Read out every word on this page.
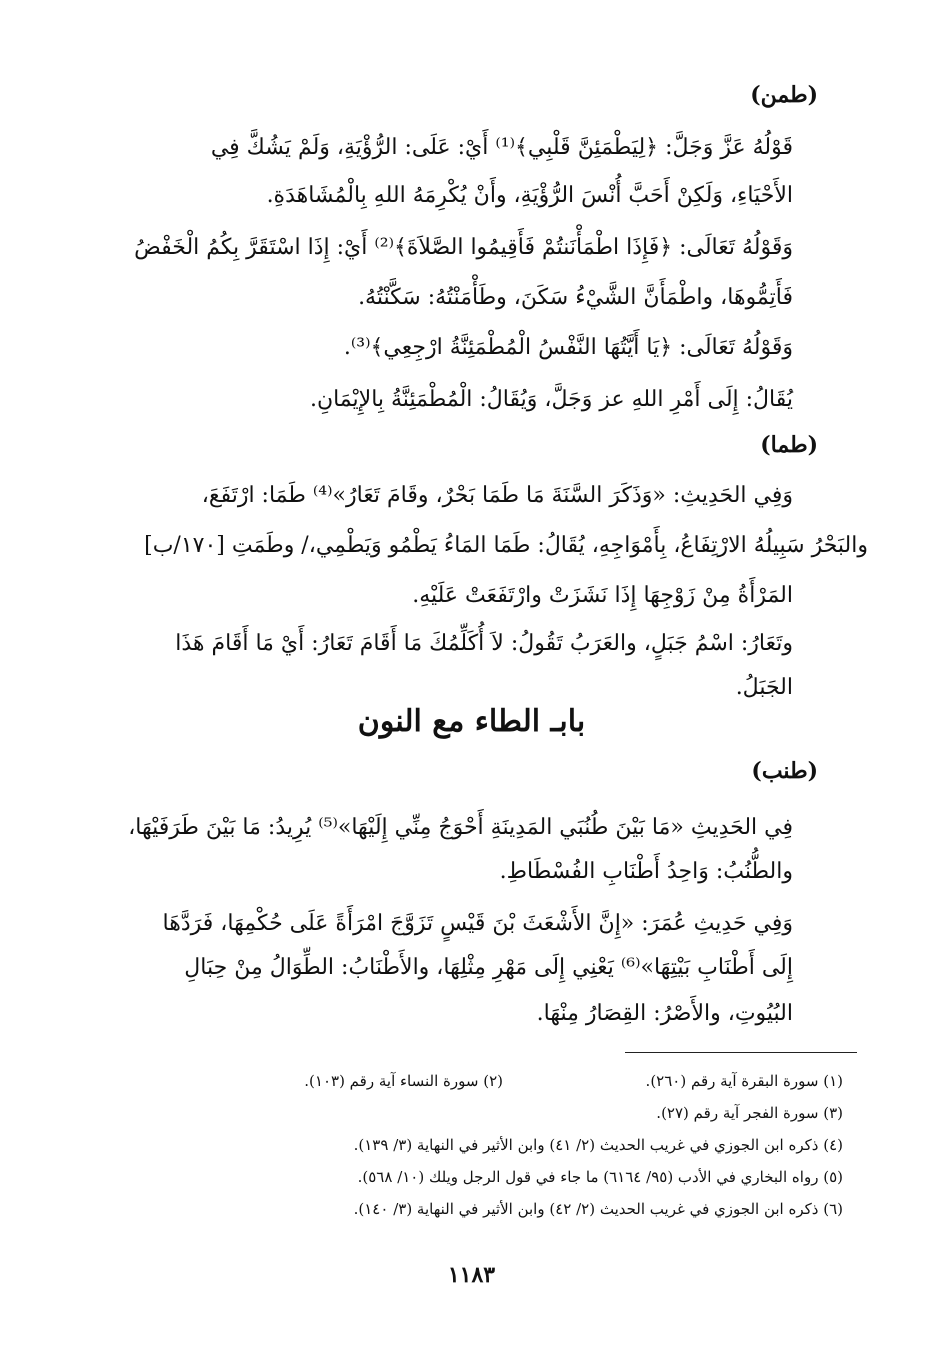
(طمن)
قَوْلُهُ عَزَّ وَجَلَّ: ﴿لِيَطْمَئِنَّ قَلْبِي﴾⁽¹⁾ أَيْ: عَلَى: الرُّؤْيَةِ، وَلَمْ يَشُكَّ فِي
الأَحْيَاءِ، وَلَكِنْ أَحَبَّ أُنْسَ الرُّؤْيَةِ، وأَنْ يُكْرِمَهُ اللهِ بِالْمُشَاهَدَةِ.
وَقَوْلُهُ تَعَالَى: ﴿فَإِذَا اطْمَأْنَنتُمْ فَأَقِيمُوا الصَّلاَةَ﴾⁽²⁾ أَيْ: إِذَا اسْتَقَرَّ بِكُمُ الْخَفْضُ
فَأَتِمُّوهَا، واطْمَأَنَّ الشَّيْءُ سَكَنَ، وطَأْمَنْتُهُ: سَكَّنْتُهُ.
وَقَوْلُهُ تَعَالَى: ﴿يَا أَيَّتُهَا النَّفْسُ الْمُطْمَئِنَّةُ ارْجِعِي﴾⁽³⁾.
يُقَالُ: إِلَى أَمْرِ اللهِ عز وَجَلَّ، وَيُقَالُ: الْمُطْمَئِنَّةُ بِالإِيْمَانِ.
(طما)
وَفِي الحَدِيثِ: «وَذَكَرَ السَّنَةَ مَا طَمَا بَحْرٌ، وقَامَ تَعَارُ»⁽⁴⁾ طَمَا: ارْتَفَعَ،
والبَحْرُ سَبِيلُهُ الارْتِفَاعُ، بِأَمْوَاجِهِ، يُقَالُ: طَمَا المَاءُ يَطْمُو وَيَطْمِي،/ وطَمَتِ [١٧٠/ب]
المَرْأَةُ مِنْ زَوْجِهَا إِذَا نَشَزَتْ وارْتَفَعَتْ عَلَيْهِ.
وتَعَارُ: اسْمُ جَبَلٍ، والعَرَبُ تَقُولُ: لاَ أُكَلِّمُكَ مَا أَقَامَ تَعَارُ: أَيْ مَا أَقَامَ هَذَا
الجَبَلُ.
بابـ الطاء مع النون
(طنب)
فِي الحَدِيثِ «مَا بَيْنَ طُنُبَي المَدِينَةِ أَحْوَجُ مِنِّي إِلَيْهَا»⁽⁵⁾ يُرِيدُ: مَا بَيْنَ طَرَفَيْهَا،
والطُّنُبُ: وَاحِدُ أَطْنَابِ الفُسْطَاطِ.
وَفِي حَدِيثِ عُمَرَ: «إِنَّ الأَشْعَثَ بْنَ قَيْسٍ تَزَوَّجَ امْرَأَةً عَلَى حُكْمِهَا، فَرَدَّهَا
إِلَى أَطْنَابِ بَيْتِهَا»⁽⁶⁾ يَعْنِي إِلَى مَهْرِ مِثْلِهَا، والأَطْنَابُ: الطِّوَالُ مِنْ حِبَالِ
البُيُوتِ، والأَصْرُ: القِصَارُ مِنْهَا.
(١) سورة البقرة آية رقم (٢٦٠).
(٢) سورة النساء آية رقم (١٠٣).
(٣) سورة الفجر آية رقم (٢٧).
(٤) ذكره ابن الجوزي في غريب الحديث (٢/ ٤١) وابن الأثير في النهاية (٣/ ١٣٩).
(٥) رواه البخاري في الأدب (٩٥/ ٦١٦٤) ما جاء في قول الرجل ويلك (١٠/ ٥٦٨).
(٦) ذكره ابن الجوزي في غريب الحديث (٢/ ٤٢) وابن الأثير في النهاية (٣/ ١٤٠).
١١٨٣
